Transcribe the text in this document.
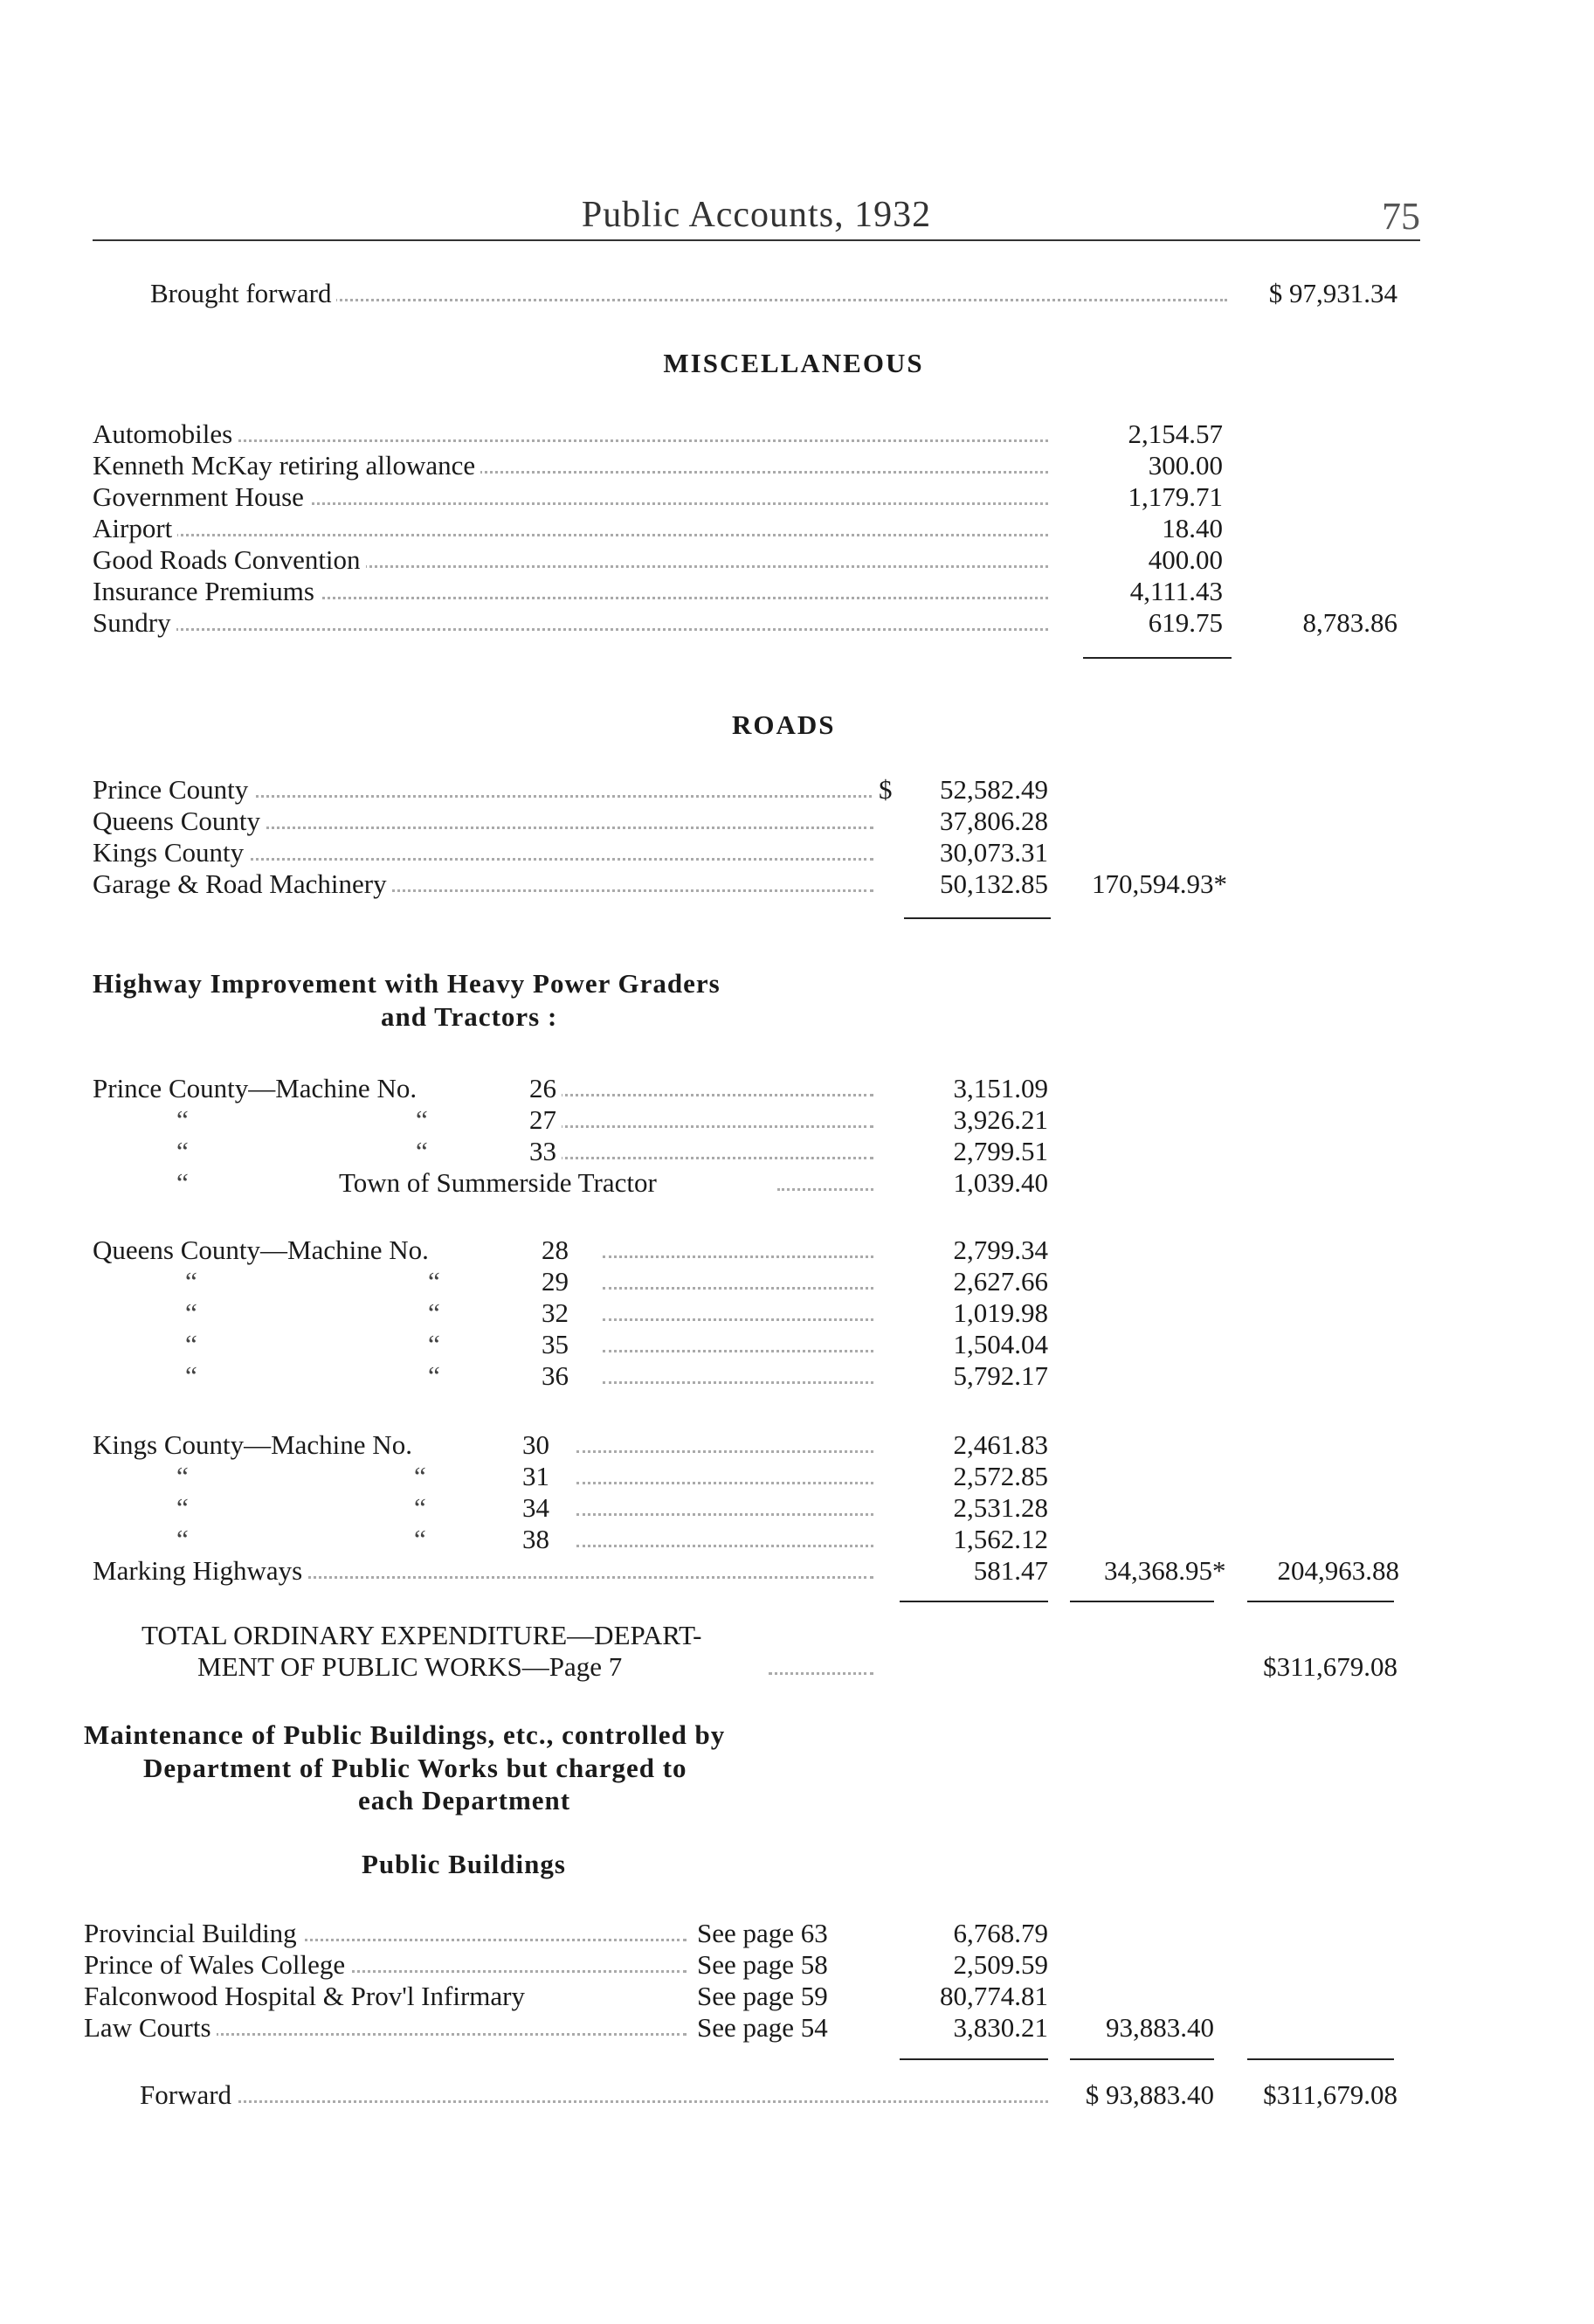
Public Accounts, 1932	75
Brought forward	$ 97,931.34
MISCELLANEOUS
Automobiles	2,154.57
Kenneth McKay retiring allowance	300.00
Government House	1,179.71
Airport	18.40
Good Roads Convention	400.00
Insurance Premiums	4,111.43
Sundry	619.75	8,783.86
ROADS
Prince County	$	52,582.49
Queens County	37,806.28
Kings County	30,073.31
Garage & Road Machinery	50,132.85	170,594.93*
Highway Improvement with Heavy Power Graders
and Tractors :
Prince County—Machine No.	26	3,151.09
“	“	27	3,926.21
“	“	33	2,799.51
“	Town of Summerside Tractor	1,039.40
Queens County—Machine No.	28	2,799.34
“	“	29	2,627.66
“	“	32	1,019.98
“	“	35	1,504.04
“	“	36	5,792.17
Kings County—Machine No.	30	2,461.83
“	“	31	2,572.85
“	“	34	2,531.28
“	“	38	1,562.12
Marking Highways	581.47	34,368.95*	204,963.88
TOTAL ORDINARY EXPENDITURE—DEPART-
MENT OF PUBLIC WORKS—Page 7	$311,679.08
Maintenance of Public Buildings, etc., controlled by
Department of Public Works but charged to
each Department
Public Buildings
Provincial Building	See page 63	6,768.79
Prince of Wales College	See page 58	2,509.59
Falconwood Hospital & Prov'l Infirmary	See page 59	80,774.81
Law Courts	See page 54	3,830.21	93,883.40
Forward	$ 93,883.40	$311,679.08
